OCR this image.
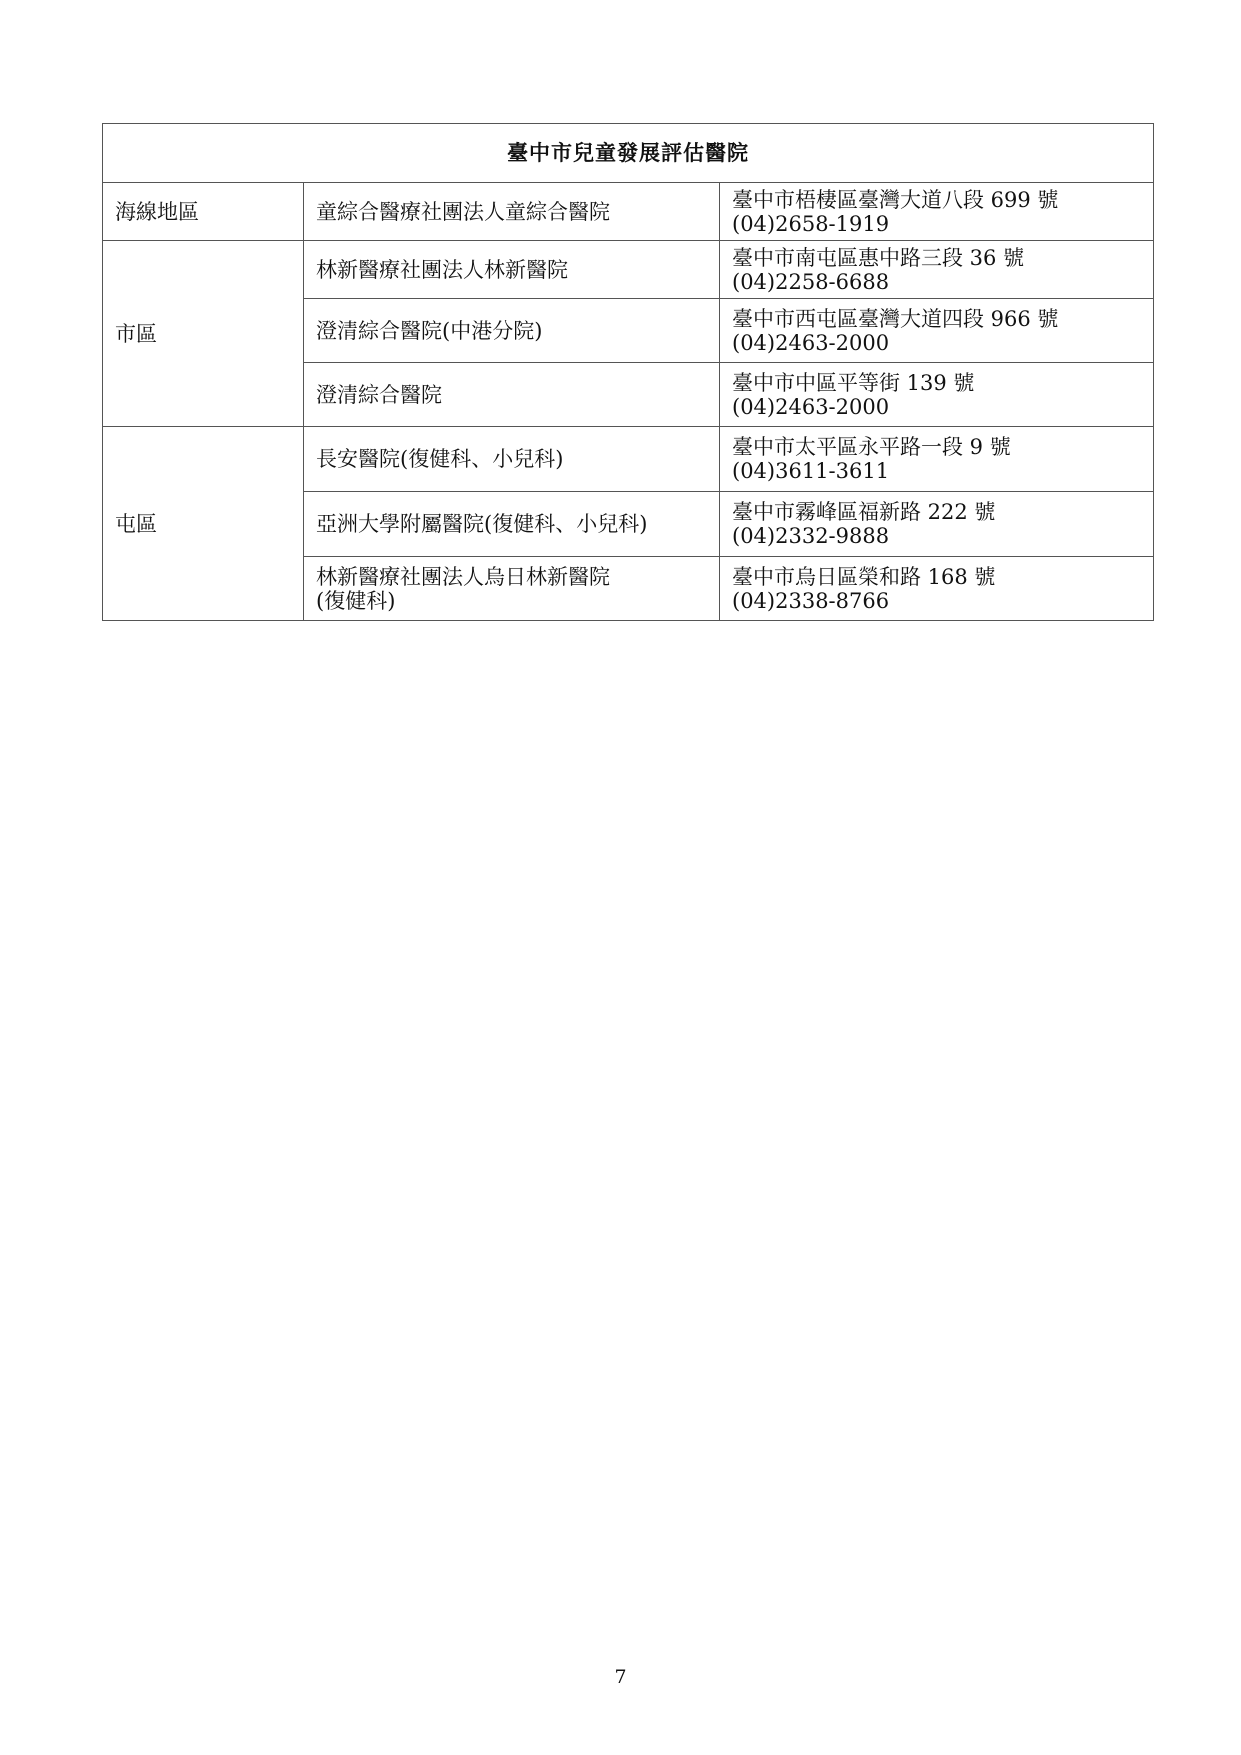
臺中市兒童發展評估醫院		
海線地區	童綜合醫療社團法人童綜合醫院	臺中市梧棲區臺灣大道八段 699 號
(04)2658-1919

市區	林新醫療社團法人林新醫院	臺中市南屯區惠中路三段 36 號
(04)2258-6688

	澄清綜合醫院(中港分院)	臺中市西屯區臺灣大道四段 966 號
(04)2463-2000

	澄清綜合醫院	臺中市中區平等街 139 號
(04)2463-2000

屯區	長安醫院(復健科、小兒科)	臺中市太平區永平路一段 9 號
(04)3611-3611

	亞洲大學附屬醫院(復健科、小兒科)	臺中市霧峰區福新路 222 號
(04)2332-9888

	林新醫療社團法人烏日林新醫院
(復健科)	臺中市烏日區榮和路 168 號
(04)2338-8766
7
